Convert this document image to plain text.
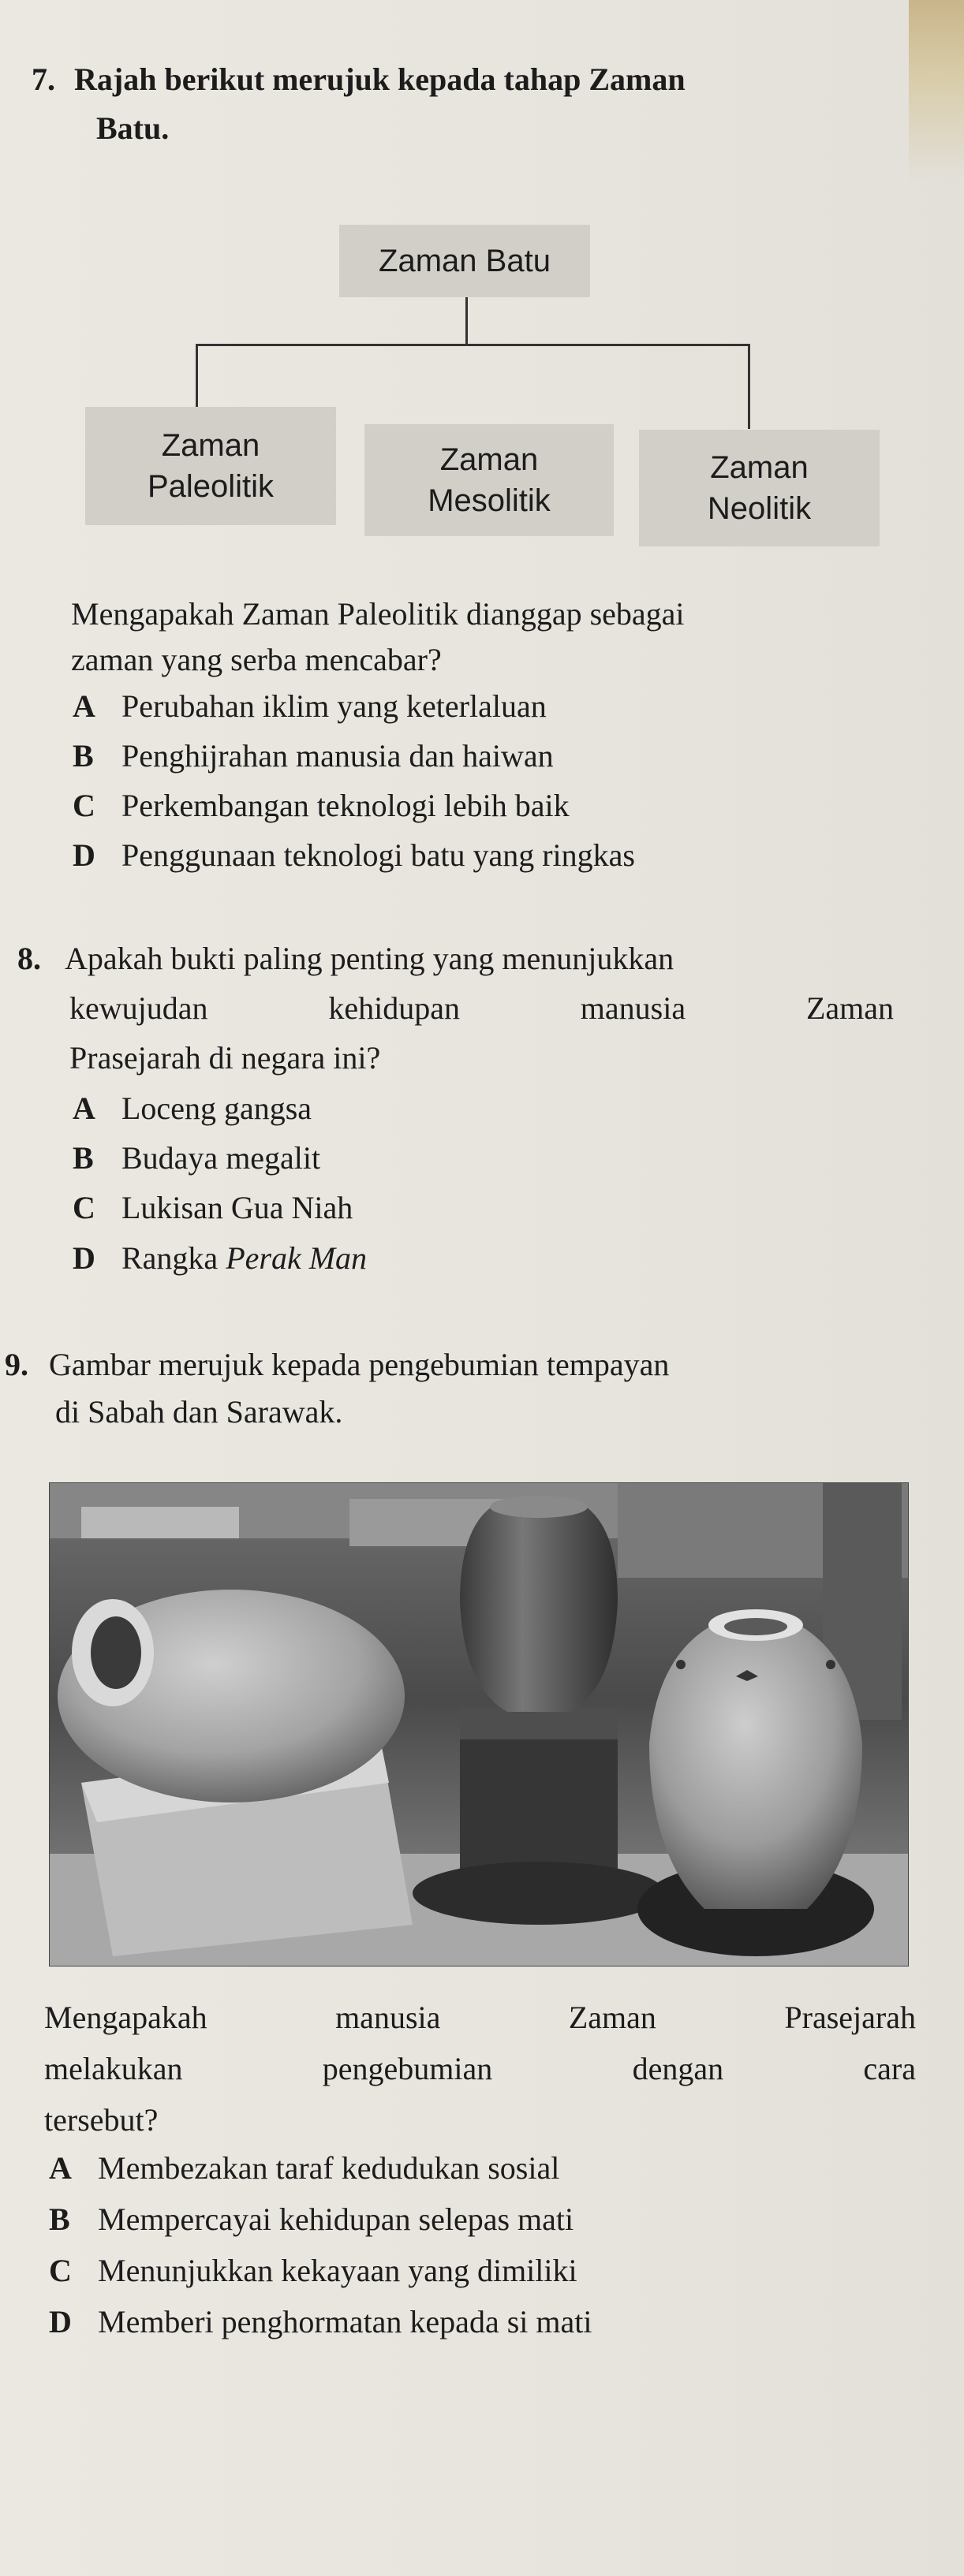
7. Rajah berikut merujuk kepada tahap Zaman
Batu.
Zaman Batu
Zaman
Paleolitik
Zaman
Mesolitik
Zaman
Neolitik
Mengapakah Zaman Paleolitik dianggap sebagai
zaman yang serba mencabar?
A Perubahan iklim yang keterlaluan
B Penghijrahan manusia dan haiwan
C Perkembangan teknologi lebih baik
D Penggunaan teknologi batu yang ringkas
8. Apakah bukti paling penting yang menunjukkan
kewujudan kehidupan manusia Zaman
Prasejarah di negara ini?
A Loceng gangsa
B Budaya megalit
C Lukisan Gua Niah
D Rangka Perak Man
9. Gambar merujuk kepada pengebumian tempayan
di Sabah dan Sarawak.
Mengapakah manusia Zaman Prasejarah
melakukan pengebumian dengan cara
tersebut?
A Membezakan taraf kedudukan sosial
B Mempercayai kehidupan selepas mati
C Menunjukkan kekayaan yang dimiliki
D Memberi penghormatan kepada si mati
